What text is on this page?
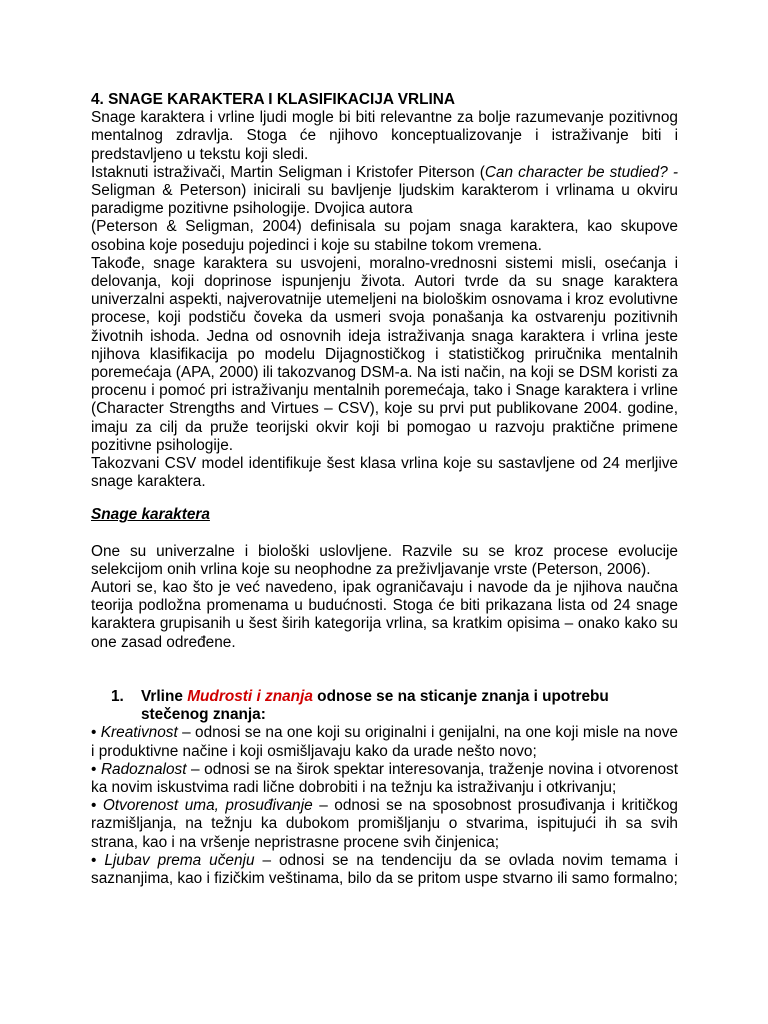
4. SNAGE KARAKTERA I KLASIFIKACIJA VRLINA

Snage karaktera i vrline ljudi mogle bi biti relevantne za bolje razumevanje pozitivnog mentalnog zdravlja. Stoga će njihovo konceptualizovanje i istraživanje biti i predstavljeno u tekstu koji sledi.

Istaknuti istraživači, Martin Seligman i Kristofer Piterson (Can character be studied? - Seligman & Peterson) inicirali su bavljenje ljudskim karakterom i vrlinama u okviru paradigme pozitivne psihologije. Dvojica autora

(Peterson & Seligman, 2004) definisala su pojam snaga karaktera, kao skupove osobina koje poseduju pojedinci i koje su stabilne tokom vremena.

Takođe, snage karaktera su usvojeni, moralno-vrednosni sistemi misli, osećanja i delovanja, koji doprinose ispunjenju života. Autori tvrde da su snage karaktera univerzalni aspekti, najverovatnije utemeljeni na biološkim osnovama i kroz evolutivne procese, koji podstiču čoveka da usmeri svoja ponašanja ka ostvarenju pozitivnih životnih ishoda. Jedna od osnovnih ideja istraživanja snaga karaktera i vrlina jeste njihova klasifikacija po modelu Dijagnostičkog i statističkog priručnika mentalnih poremećaja (APA, 2000) ili takozvanog DSM-a. Na isti način, na koji se DSM koristi za procenu i pomoć pri istraživanju mentalnih poremećaja, tako i Snage karaktera i vrline (Character Strengths and Virtues – CSV), koje su prvi put publikovane 2004. godine, imaju za cilj da pruže teorijski okvir koji bi pomogao u razvoju praktične primene pozitivne psihologije.

Takozvani CSV model identifikuje šest klasa vrlina koje su sastavljene od 24 merljive snage karaktera.

Snage karaktera

One su univerzalne i biološki uslovljene. Razvile su se kroz procese evolucije selekcijom onih vrlina koje su neophodne za preživljavanje vrste (Peterson, 2006).

Autori se, kao što je već navedeno, ipak ograničavaju i navode da je njihova naučna teorija podložna promenama u budućnosti. Stoga će biti prikazana lista od 24 snage karaktera grupisanih u šest širih kategorija vrlina, sa kratkim opisima – onako kako su one zasad određene.

1.	Vrline Mudrosti i znanja odnose se na sticanje znanja i upotrebu stečenog znanja:

• Kreativnost – odnosi se na one koji su originalni i genijalni, na one koji misle na nove i produktivne načine i koji osmišljavaju kako da urade nešto novo;

• Radoznalost – odnosi se na širok spektar interesovanja, traženje novina i otvorenost ka novim iskustvima radi lične dobrobiti i na težnju ka istraživanju i otkrivanju;

• Otvorenost uma, prosuđivanje – odnosi se na sposobnost prosuđivanja i kritičkog razmišljanja, na težnju ka dubokom promišljanju o stvarima, ispitujući ih sa svih strana, kao i na vršenje nepristrasne procene svih činjenica;

• Ljubav prema učenju – odnosi se na tendenciju da se ovlada novim temama i saznanjima, kao i fizičkim veštinama, bilo da se pritom uspe stvarno ili samo formalno;
